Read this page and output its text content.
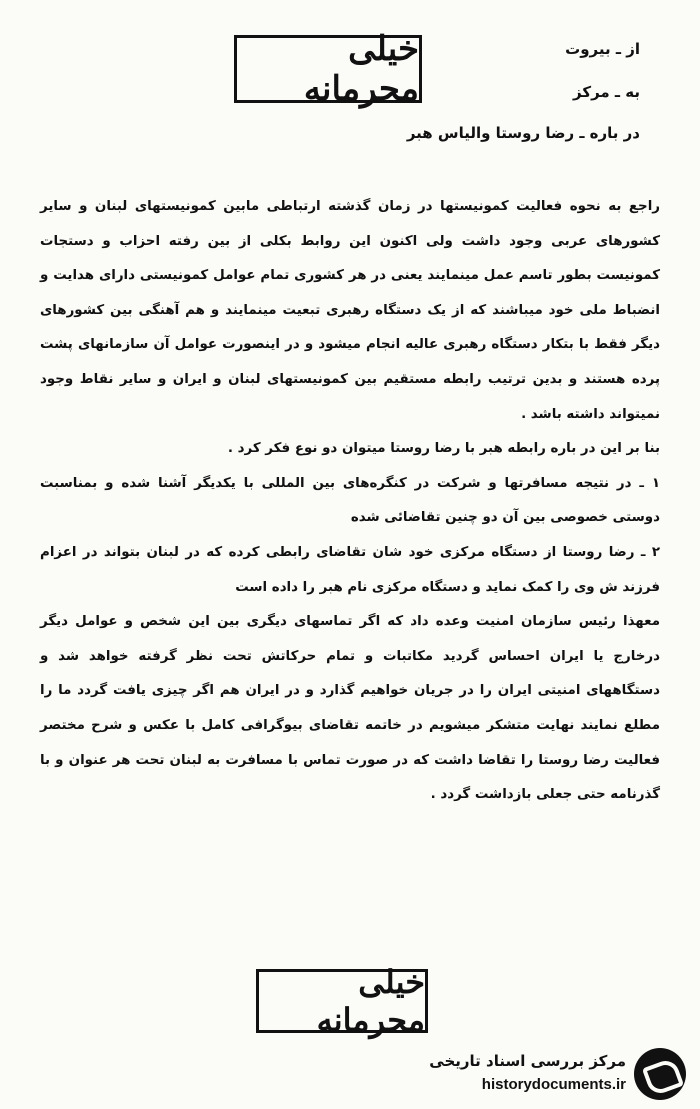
خیلی محرمانه
از ـ بیروت
به ـ مرکز
در باره ـ رضا روستا والیاس هبر

راجع به نحوه فعالیت کمونیستها در زمان گذشته ارتباطی مابین کمونیستهای لبنان و سایر کشورهای عربی وجود داشت ولی اکنون این روابط بکلی از بین رفته احزاب و دستجات کمونیست بطور تاسم عمل مینمایند یعنی در هر کشوری تمام عوامل کمونیستی دارای هدایت و انضباط ملی خود میباشند که از یک دستگاه رهبری تبعیت مینمایند و هم آهنگی بین کشورهای دیگر فقط با بتکار دستگاه رهبری عالیه انجام میشود و در اینصورت عوامل آن سازمانهای پشت پرده هستند و بدین ترتیب رابطه مستقیم بین کمونیستهای لبنان و ایران و سایر نقاط وجود نمیتواند داشته باشد .

بنا بر این در باره رابطه هبر با رضا روستا میتوان دو نوع فکر کرد .

۱ ـ در نتیجه مسافرتها و شرکت در کنگره‌های بین المللی با یکدیگر آشنا شده و بمناسبت دوستی خصوصی بین آن دو چنین تقاضائی شده

۲ ـ رضا روستا از دستگاه مرکزی خود شان تقاضای رابطی کرده که در لبنان بتواند در اعزام فرزند ش وی را کمک نماید و دستگاه مرکزی نام هبر را داده است

معهذا رئیس سازمان امنیت وعده داد که اگر تماسهای دیگری بین این شخص و عوامل دیگر درخارج یا ایران احساس گردید مکاتبات و تمام حرکاتش تحت نظر گرفته خواهد شد و دستگاههای امنیتی ایران را در جریان خواهیم گذارد و در ایران هم اگر چیزی یافت گردد ما را مطلع نمایند نهایت متشکر میشویم در خاتمه تقاضای بیوگرافی کامل با عکس و شرح مختصر فعالیت رضا روستا را تقاضا داشت که در صورت تماس با مسافرت به لبنان تحت هر عنوان و با گذرنامه حتی جعلی بازداشت گردد .

خیلی محرمانه
مرکز بررسی اسناد تاریخی
historydocuments.ir
